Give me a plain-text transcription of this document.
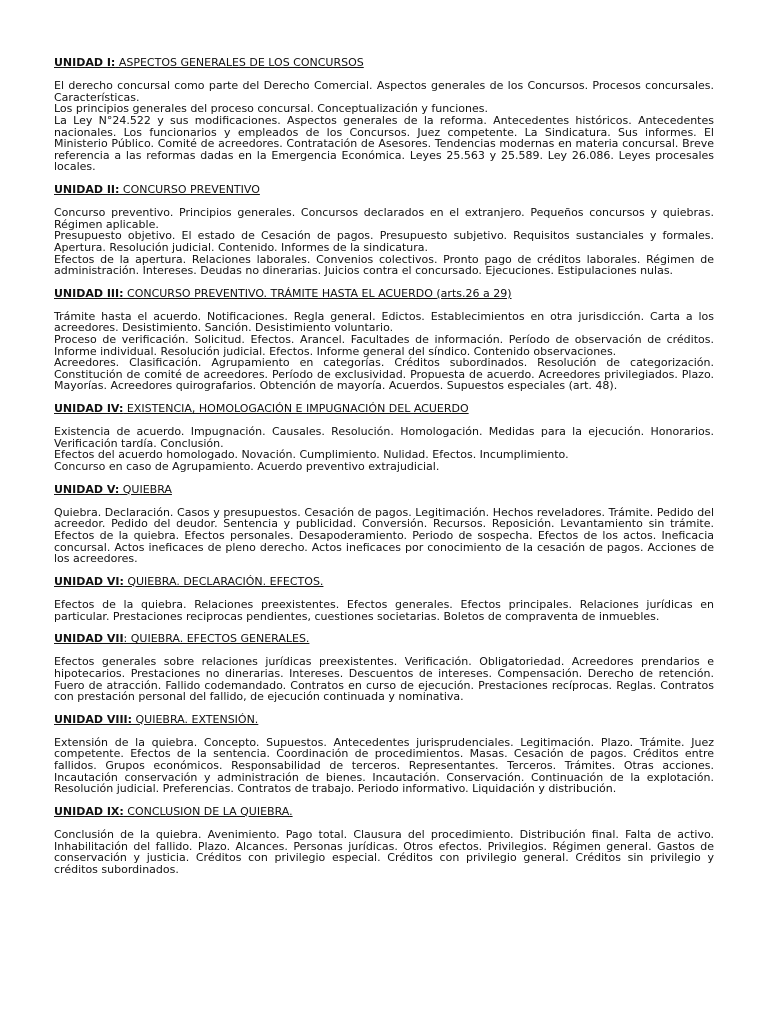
UNIDAD I: ASPECTOS GENERALES DE LOS CONCURSOS

El derecho concursal como parte del Derecho Comercial. Aspectos generales de los Concursos. Procesos concursales. Características.

Los principios generales del proceso concursal. Conceptualización y funciones.

La Ley N°24.522 y sus modificaciones. Aspectos generales de la reforma. Antecedentes históricos. Antecedentes nacionales. Los funcionarios y empleados de los Concursos. Juez competente. La Sindicatura. Sus informes. El Ministerio Público. Comité de acreedores. Contratación de Asesores. Tendencias modernas en materia concursal. Breve referencia a las reformas dadas en la Emergencia Económica. Leyes 25.563 y 25.589. Ley 26.086. Leyes procesales locales.

UNIDAD II: CONCURSO PREVENTIVO

Concurso preventivo. Principios generales. Concursos declarados en el extranjero. Pequeños concursos y quiebras. Régimen aplicable.

Presupuesto objetivo. El estado de Cesación de pagos. Presupuesto subjetivo. Requisitos sustanciales y formales. Apertura. Resolución judicial. Contenido. Informes de la sindicatura.

Efectos de la apertura. Relaciones laborales. Convenios colectivos. Pronto pago de créditos laborales. Régimen de administración. Intereses. Deudas no dinerarias. Juicios contra el concursado. Ejecuciones. Estipulaciones nulas.

UNIDAD III: CONCURSO PREVENTIVO. TRÁMITE HASTA EL ACUERDO (arts.26 a 29)

Trámite hasta el acuerdo. Notificaciones. Regla general. Edictos. Establecimientos en otra jurisdicción. Carta a los acreedores. Desistimiento. Sanción. Desistimiento voluntario.

Proceso de verificación. Solicitud. Efectos. Arancel. Facultades de información. Período de observación de créditos. Informe individual. Resolución judicial. Efectos. Informe general del síndico. Contenido observaciones.

Acreedores. Clasificación. Agrupamiento en categorías. Créditos subordinados. Resolución de categorización. Constitución de comité de acreedores. Período de exclusividad. Propuesta de acuerdo. Acreedores privilegiados. Plazo. Mayorías. Acreedores quirografarios. Obtención de mayoría. Acuerdos. Supuestos especiales (art. 48).

UNIDAD IV: EXISTENCIA, HOMOLOGACIÓN E IMPUGNACIÓN DEL ACUERDO

Existencia de acuerdo. Impugnación. Causales. Resolución. Homologación. Medidas para la ejecución. Honorarios. Verificación tardía. Conclusión.

Efectos del acuerdo homologado. Novación. Cumplimiento. Nulidad. Efectos. Incumplimiento.

Concurso en caso de Agrupamiento. Acuerdo preventivo extrajudicial.

UNIDAD V: QUIEBRA

Quiebra. Declaración. Casos y presupuestos. Cesación de pagos. Legitimación. Hechos reveladores. Trámite. Pedido del acreedor. Pedido del deudor. Sentencia y publicidad. Conversión. Recursos. Reposición. Levantamiento sin trámite. Efectos de la quiebra. Efectos personales. Desapoderamiento. Periodo de sospecha. Efectos de los actos. Ineficacia concursal. Actos ineficaces de pleno derecho. Actos ineficaces por conocimiento de la cesación de pagos. Acciones de los acreedores.

UNIDAD VI: QUIEBRA. DECLARACIÓN. EFECTOS.

Efectos de la quiebra. Relaciones preexistentes. Efectos generales. Efectos principales. Relaciones jurídicas en particular. Prestaciones reciprocas pendientes, cuestiones societarias. Boletos de compraventa de inmuebles.

UNIDAD VII: QUIEBRA. EFECTOS GENERALES.

Efectos generales sobre relaciones jurídicas preexistentes. Verificación. Obligatoriedad. Acreedores prendarios e hipotecarios. Prestaciones no dinerarias. Intereses. Descuentos de intereses. Compensación. Derecho de retención. Fuero de atracción. Fallido codemandado. Contratos en curso de ejecución. Prestaciones recíprocas. Reglas. Contratos con prestación personal del fallido, de ejecución continuada y nominativa.

UNIDAD VIII: QUIEBRA. EXTENSIÓN.

Extensión de la quiebra. Concepto. Supuestos. Antecedentes jurisprudenciales. Legitimación. Plazo. Trámite. Juez competente. Efectos de la sentencia. Coordinación de procedimientos. Masas. Cesación de pagos. Créditos entre fallidos. Grupos económicos. Responsabilidad de terceros. Representantes. Terceros. Trámites. Otras acciones. Incautación conservación y administración de bienes. Incautación. Conservación. Continuación de la explotación. Resolución judicial. Preferencias. Contratos de trabajo. Periodo informativo. Liquidación y distribución.

UNIDAD IX: CONCLUSION DE LA QUIEBRA.

Conclusión de la quiebra. Avenimiento. Pago total. Clausura del procedimiento. Distribución final. Falta de activo. Inhabilitación del fallido. Plazo. Alcances. Personas jurídicas. Otros efectos. Privilegios. Régimen general. Gastos de conservación y justicia. Créditos con privilegio especial. Créditos con privilegio general. Créditos sin privilegio y créditos subordinados.
